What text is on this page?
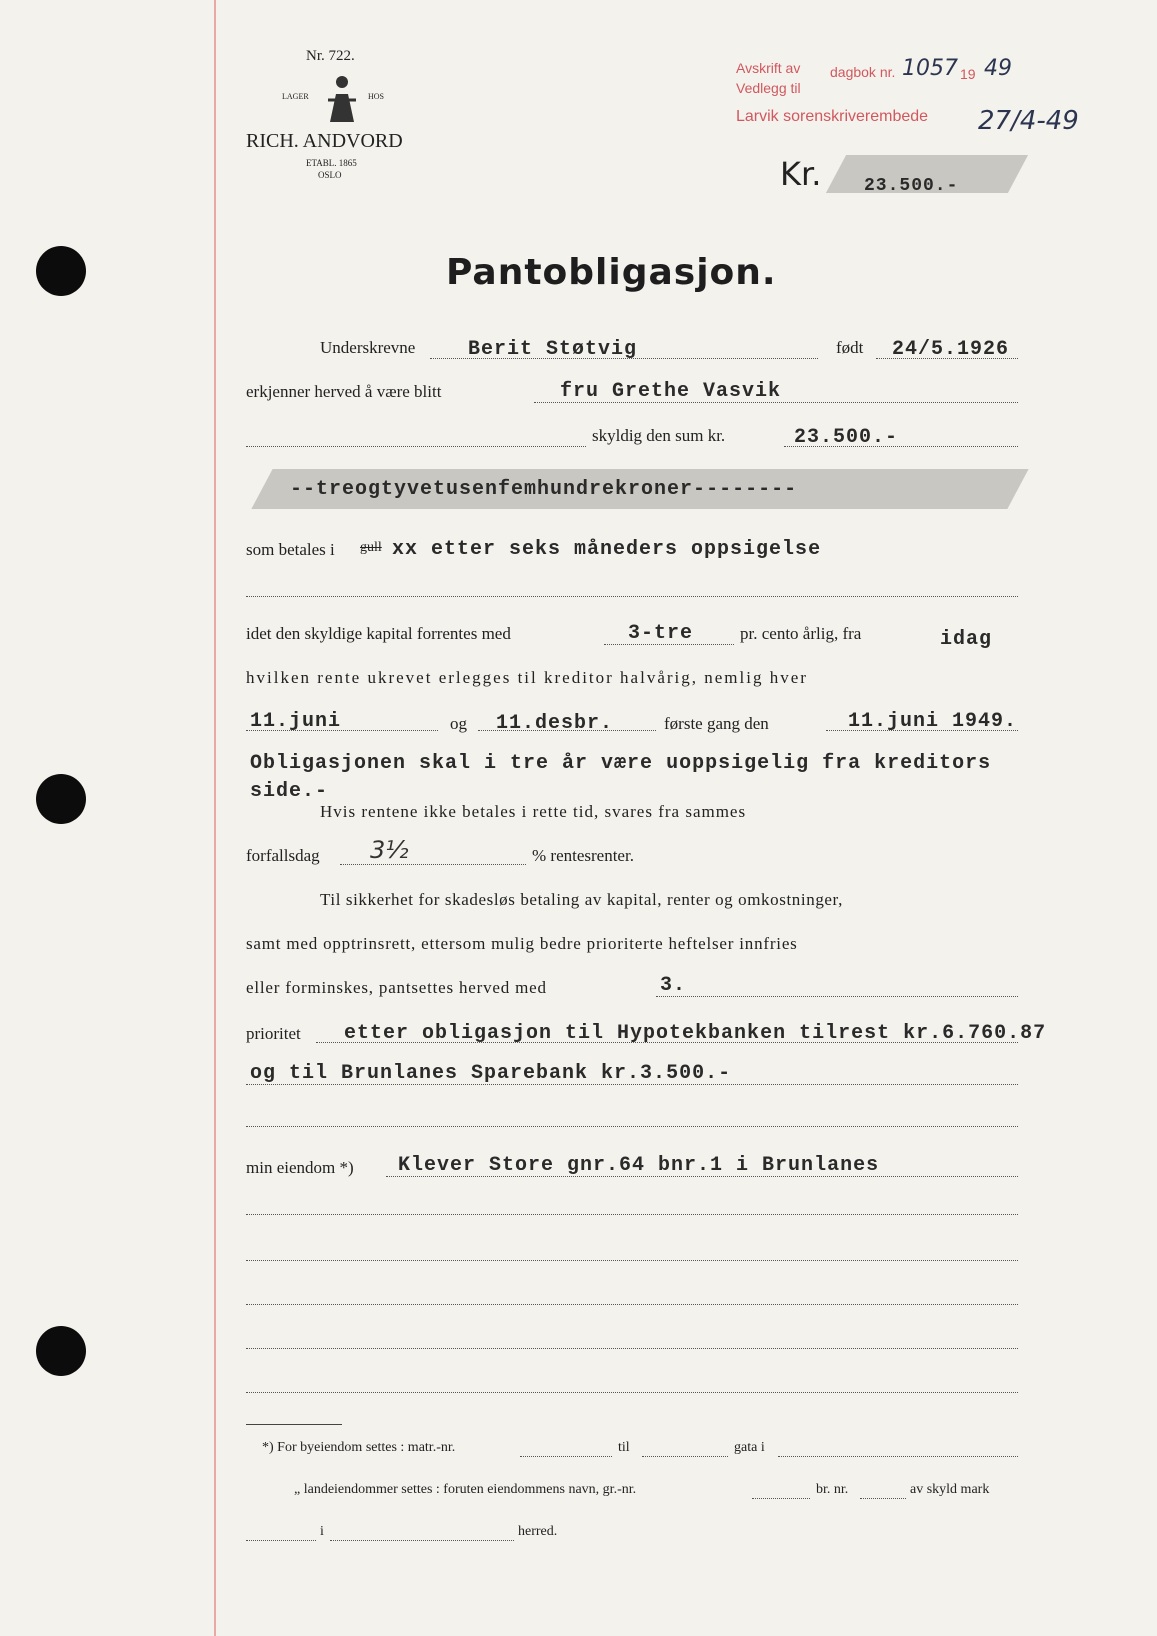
Nr. 722.
LAGER	HOS
RICH. ANDVORD
ETABL. 1865
OSLO
Avskrift av dagbok nr. 1057 19 49
Vedlegg til
Larvik sorenskriverembede 27/4-49
Kr. 23.500.-
Pantobligasjon.
Underskrevne	Berit Støtvig	født 24/5.1926
erkjenner herved å være blitt	fru Grethe Vasvik
skyldig den sum kr.	23.500.-
--treogtyvetusenfemhundrekroner--------
som betales i gull xx etter seks måneders oppsigelse
idet den skyldige kapital forrentes med	3-tre	pr. cento årlig, fra	idag
hvilken rente ukrevet erlegges til kreditor halvårig, nemlig hver
11.juni	og 11.desbr.	første gang den	11.juni 1949.
Obligasjonen skal i tre år være uoppsigelig fra kreditors
side.-
Hvis rentene ikke betales i rette tid, svares fra sammes
forfallsdag 3½	% rentesrenter.
Til sikkerhet for skadesløs betaling av kapital, renter og omkostninger,
samt med opptrinsrett, ettersom mulig bedre prioriterte heftelser innfries
eller forminskes, pantsettes herved med	3.
prioritet etter obligasjon til Hypotekbanken tilrest kr.6.760.87
og til Brunlanes Sparebank kr.3.500.-
min eiendom *) Klever Store gnr.64 bnr.1 i Brunlanes
*) For byeiendom settes : matr.-nr.	til	gata i
„ landeiendommer settes : foruten eiendommens navn, gr.-nr.	br. nr.	av skyld mark
i	herred.
